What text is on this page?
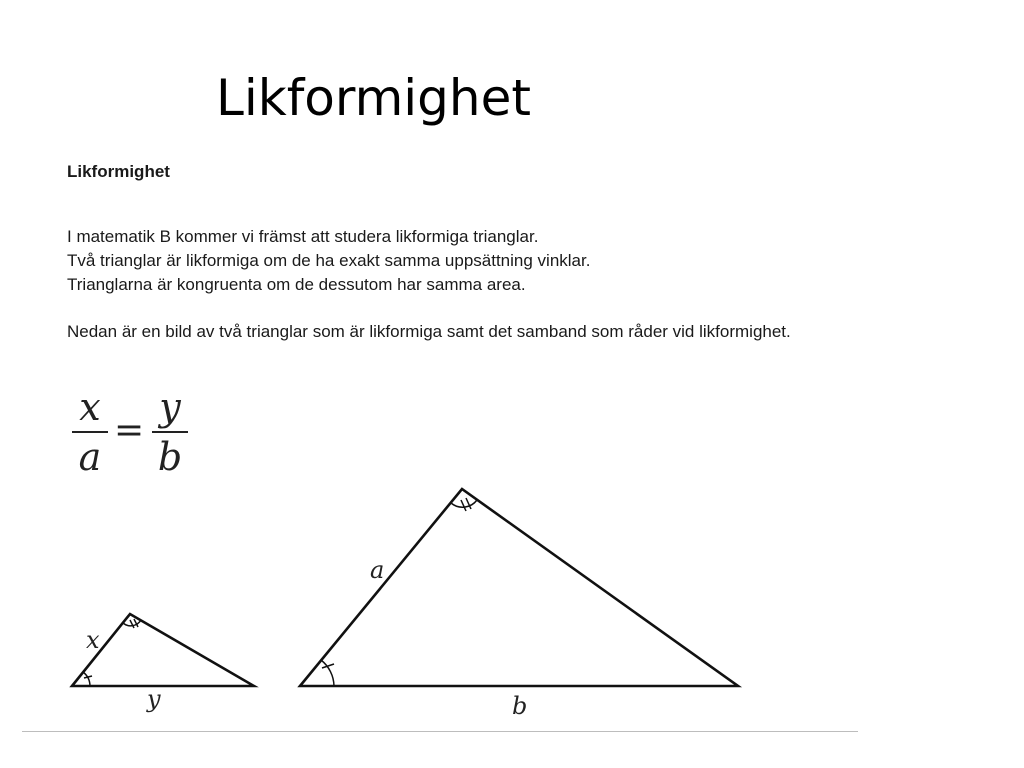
Likformighet
Likformighet
I matematik B kommer vi främst att studera likformiga trianglar.
Två trianglar är likformiga om de ha exakt samma uppsättning vinklar.
Trianglarna är kongruenta om de dessutom har samma area.
Nedan är en bild av två trianglar som är likformiga samt det samband som råder vid likformighet.
x
a
=
y
b
x
y
a
b
